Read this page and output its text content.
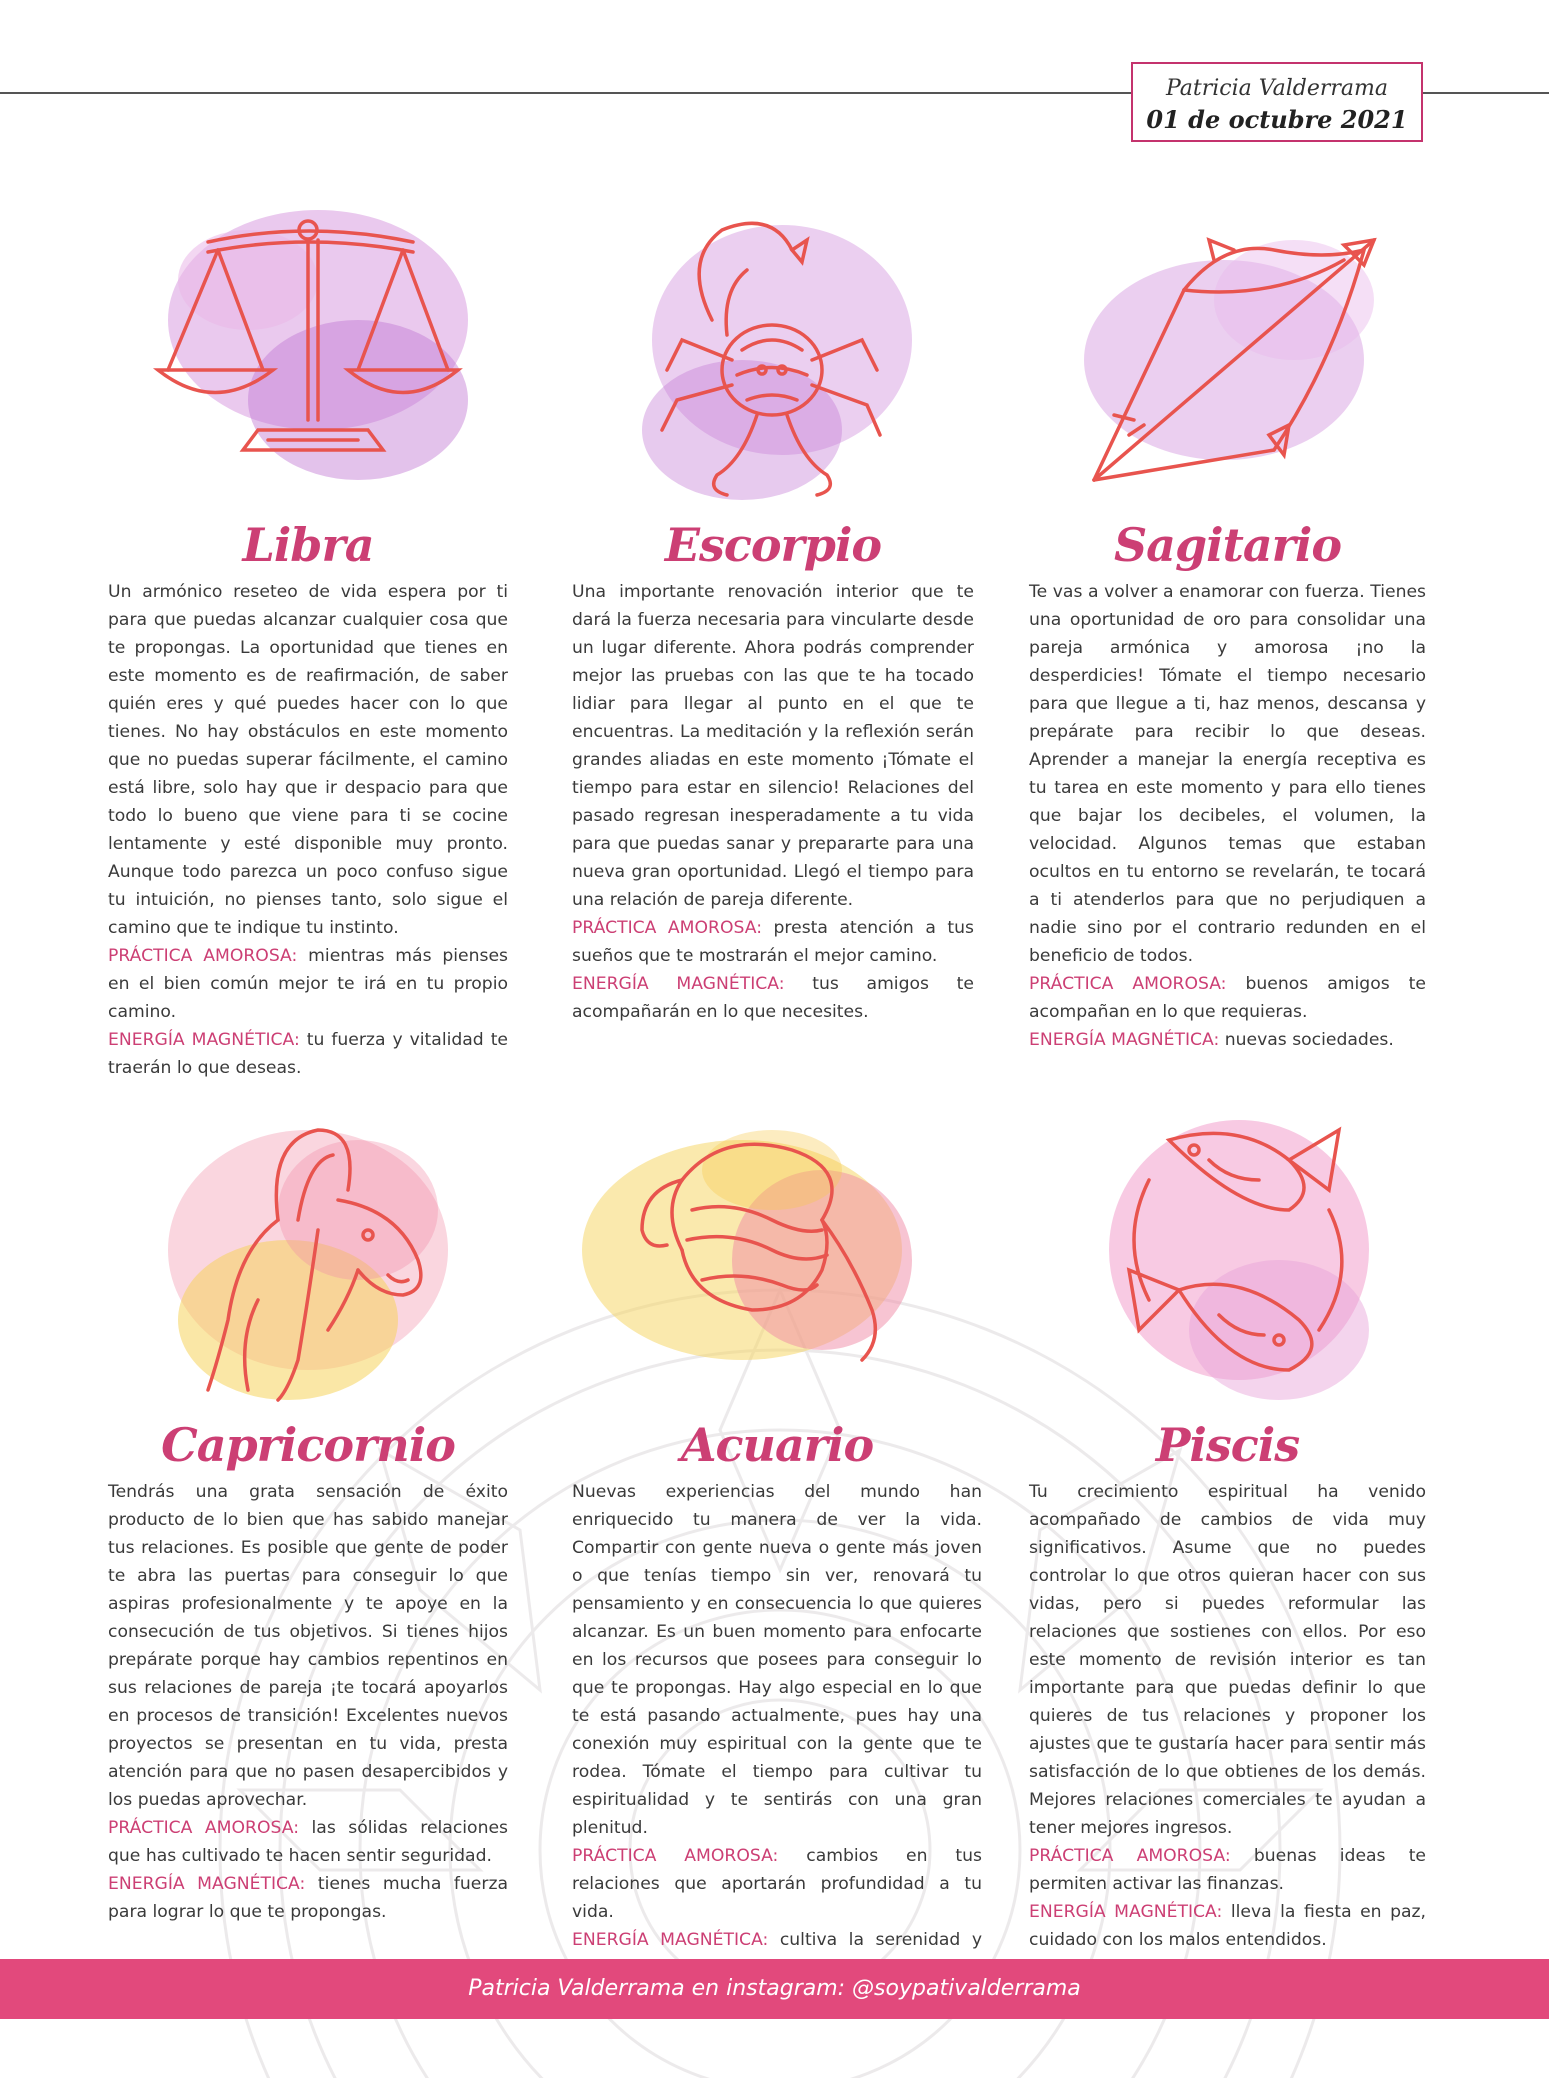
Patricia Valderrama
01 de octubre 2021
Libra
Un armónico reseteo de vida espera por ti para que puedas alcanzar cualquier cosa que te propongas. La oportunidad que tienes en este momento es de reafirmación, de saber quién eres y qué puedes hacer con lo que tienes. No hay obstáculos en este momento que no puedas superar fácilmente, el camino está libre, solo hay que ir despacio para que todo lo bueno que viene para ti se cocine lentamente y esté disponible muy pronto. Aunque todo parezca un poco confuso sigue tu intuición, no pienses tanto, solo sigue el camino que te indique tu instinto.
PRÁCTICA AMOROSA: mientras más pienses en el bien común mejor te irá en tu propio camino.
ENERGÍA MAGNÉTICA: tu fuerza y vitalidad te traerán lo que deseas.
Escorpio
Una importante renovación interior que te dará la fuerza necesaria para vincularte desde un lugar diferente. Ahora podrás comprender mejor las pruebas con las que te ha tocado lidiar para llegar al punto en el que te encuentras. La meditación y la reflexión serán grandes aliadas en este momento ¡Tómate el tiempo para estar en silencio! Relaciones del pasado regresan inesperadamente a tu vida para que puedas sanar y prepararte para una nueva gran oportunidad. Llegó el tiempo para una relación de pareja diferente.
PRÁCTICA AMOROSA: presta atención a tus sueños que te mostrarán el mejor camino.
ENERGÍA MAGNÉTICA: tus amigos te acompañarán en lo que necesites.
Sagitario
Te vas a volver a enamorar con fuerza. Tienes una oportunidad de oro para consolidar una pareja armónica y amorosa ¡no la desperdicies! Tómate el tiempo necesario para que llegue a ti, haz menos, descansa y prepárate para recibir lo que deseas. Aprender a manejar la energía receptiva es tu tarea en este momento y para ello tienes que bajar los decibeles, el volumen, la velocidad. Algunos temas que estaban ocultos en tu entorno se revelarán, te tocará a ti atenderlos para que no perjudiquen a nadie sino por el contrario redunden en el beneficio de todos.
PRÁCTICA AMOROSA: buenos amigos te acompañan en lo que requieras.
ENERGÍA MAGNÉTICA: nuevas sociedades.
Capricornio
Tendrás una grata sensación de éxito producto de lo bien que has sabido manejar tus relaciones. Es posible que gente de poder te abra las puertas para conseguir lo que aspiras profesionalmente y te apoye en la consecución de tus objetivos. Si tienes hijos prepárate porque hay cambios repentinos en sus relaciones de pareja ¡te tocará apoyarlos en procesos de transición! Excelentes nuevos proyectos se presentan en tu vida, presta atención para que no pasen desapercibidos y los puedas aprovechar.
PRÁCTICA AMOROSA: las sólidas relaciones que has cultivado te hacen sentir seguridad.
ENERGÍA MAGNÉTICA: tienes mucha fuerza para lograr lo que te propongas.
Acuario
Nuevas experiencias del mundo han enriquecido tu manera de ver la vida. Compartir con gente nueva o gente más joven o que tenías tiempo sin ver, renovará tu pensamiento y en consecuencia lo que quieres alcanzar. Es un buen momento para enfocarte en los recursos que posees para conseguir lo que te propongas. Hay algo especial en lo que te está pasando actualmente, pues hay una conexión muy espiritual con la gente que te rodea. Tómate el tiempo para cultivar tu espiritualidad y te sentirás con una gran plenitud.
PRÁCTICA AMOROSA: cambios en tus relaciones que aportarán profundidad a tu vida.
ENERGÍA MAGNÉTICA: cultiva la serenidad y
Piscis
Tu crecimiento espiritual ha venido acompañado de cambios de vida muy significativos. Asume que no puedes controlar lo que otros quieran hacer con sus vidas, pero si puedes reformular las relaciones que sostienes con ellos. Por eso este momento de revisión interior es tan importante para que puedas definir lo que quieres de tus relaciones y proponer los ajustes que te gustaría hacer para sentir más satisfacción de lo que obtienes de los demás. Mejores relaciones comerciales te ayudan a tener mejores ingresos.
PRÁCTICA AMOROSA: buenas ideas te permiten activar las finanzas.
ENERGÍA MAGNÉTICA: lleva la fiesta en paz, cuidado con los malos entendidos.
Patricia Valderrama en instagram: @soypativalderrama
